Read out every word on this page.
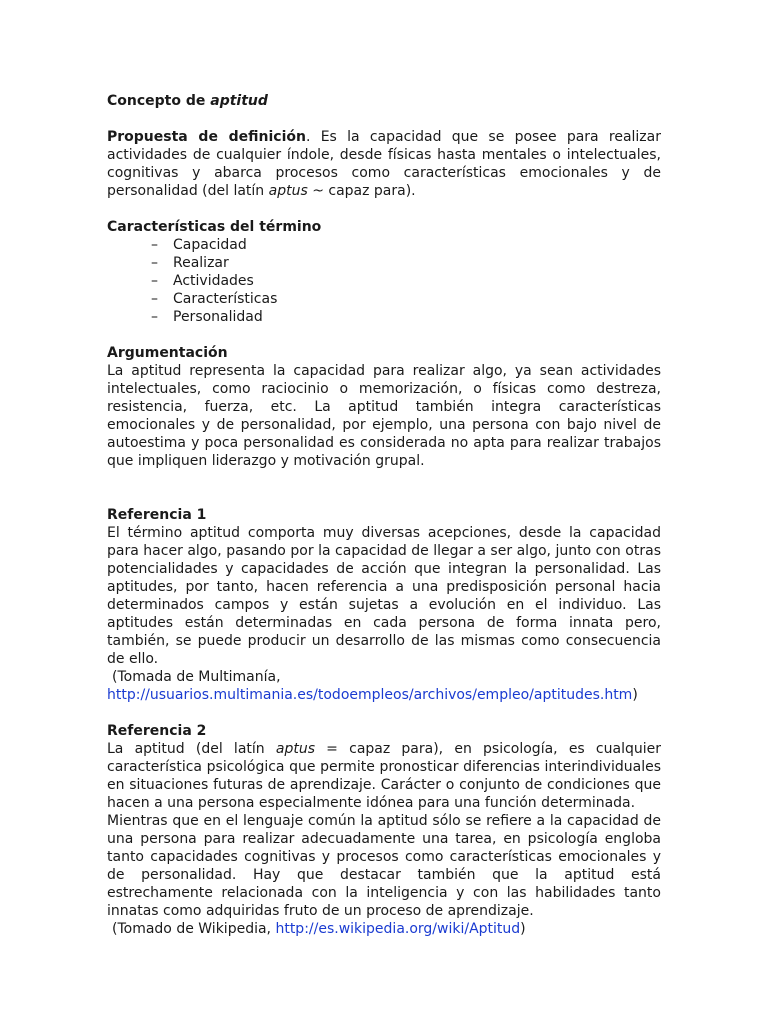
Concepto de aptitud

Propuesta de definición. Es la capacidad que se posee para realizar actividades de cualquier índole, desde físicas hasta mentales o intelectuales, cognitivas y abarca procesos como características emocionales y de personalidad (del latín aptus ~ capaz para).

Características del término

– Capacidad
– Realizar
– Actividades
– Características
– Personalidad

Argumentación

La aptitud representa la capacidad para realizar algo, ya sean actividades intelectuales, como raciocinio o memorización, o físicas como destreza, resistencia, fuerza, etc. La aptitud también integra características emocionales y de personalidad, por ejemplo, una persona con bajo nivel de autoestima y poca personalidad es considerada no apta para realizar trabajos que impliquen liderazgo y motivación grupal.

Referencia 1

El término aptitud comporta muy diversas acepciones, desde la capacidad para hacer algo, pasando por la capacidad de llegar a ser algo, junto con otras potencialidades y capacidades de acción que integran la personalidad. Las aptitudes, por tanto, hacen referencia a una predisposición personal hacia determinados campos y están sujetas a evolución en el individuo. Las aptitudes están determinadas en cada persona de forma innata pero, también, se puede producir un desarrollo de las mismas como consecuencia de ello.

(Tomada de Multimanía,

http://usuarios.multimania.es/todoempleos/archivos/empleo/aptitudes.htm)

Referencia 2

La aptitud (del latín aptus = capaz para), en psicología, es cualquier característica psicológica que permite pronosticar diferencias interindividuales en situaciones futuras de aprendizaje. Carácter o conjunto de condiciones que hacen a una persona especialmente idónea para una función determinada.

Mientras que en el lenguaje común la aptitud sólo se refiere a la capacidad de una persona para realizar adecuadamente una tarea, en psicología engloba tanto capacidades cognitivas y procesos como características emocionales y de personalidad. Hay que destacar también que la aptitud está estrechamente relacionada con la inteligencia y con las habilidades tanto innatas como adquiridas fruto de un proceso de aprendizaje.

(Tomado de Wikipedia, http://es.wikipedia.org/wiki/Aptitud)
